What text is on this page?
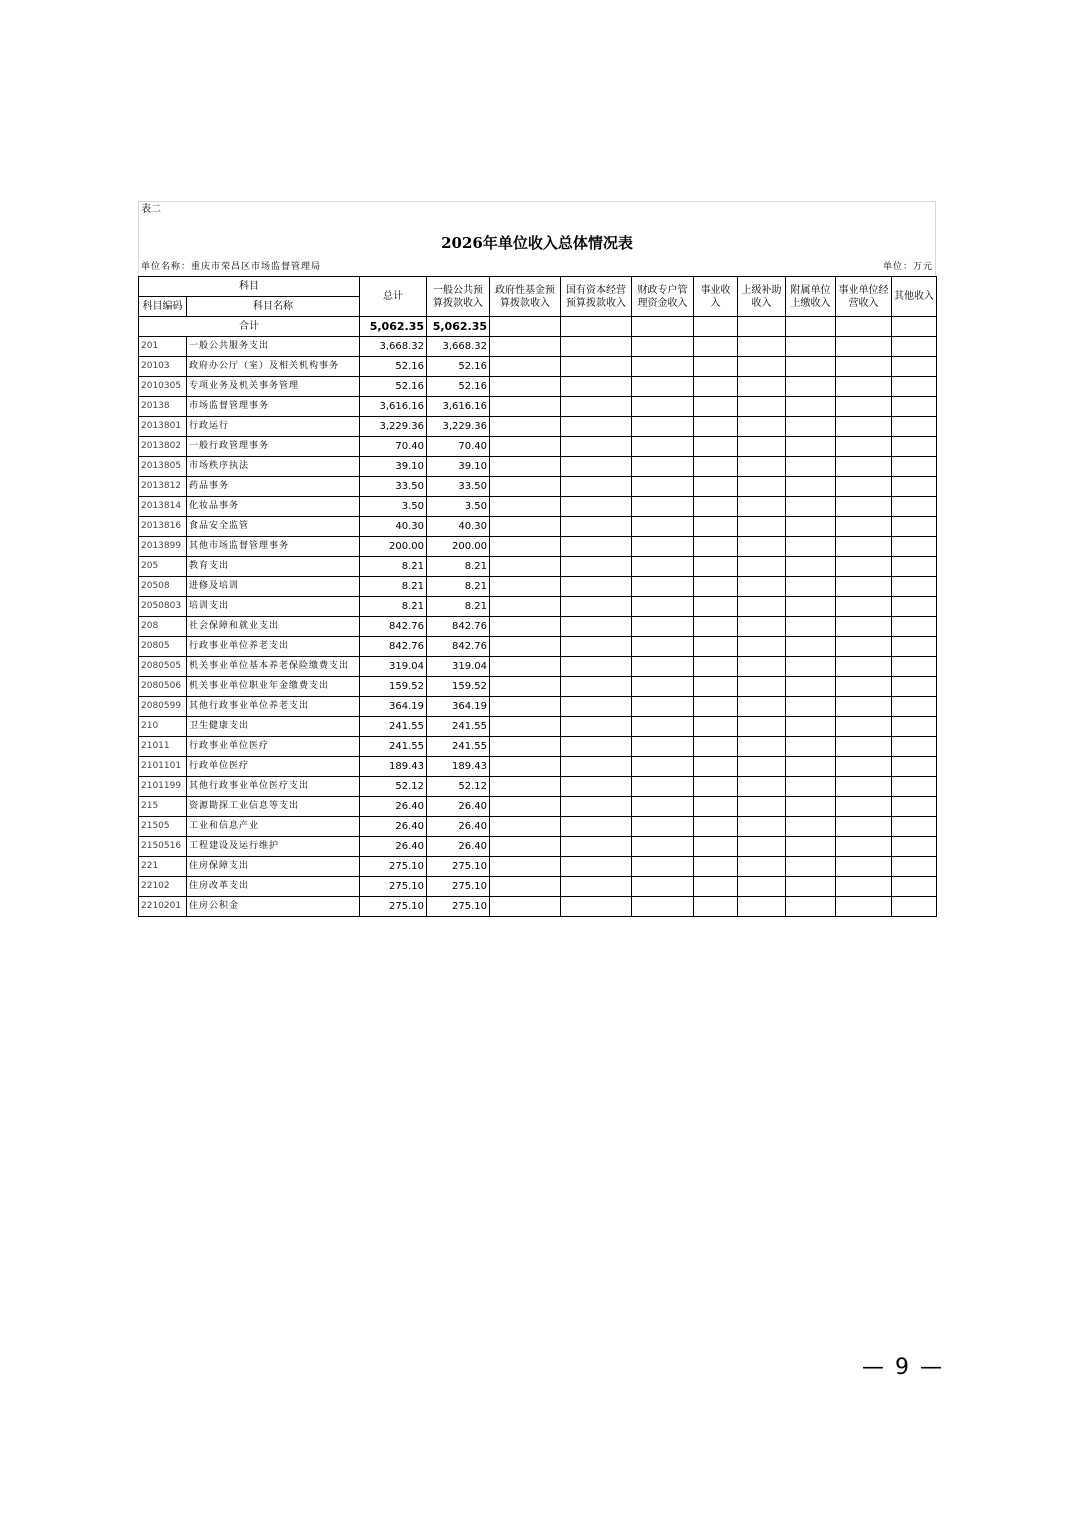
表二
2026年单位收入总体情况表
单位名称：重庆市荣昌区市场监督管理局	单位：万元
科目		总计	一般公共预算拨款收入	政府性基金预算拨款收入	国有资本经营预算拨款收入	财政专户管理资金收入	事业收入	上级补助收入	附属单位上缴收入	事业单位经营收入	其他收入
科目编码	科目名称										
合计		5,062.35	5,062.35								
201	一般公共服务支出	3,668.32	3,668.32								
20103	政府办公厅（室）及相关机构事务	52.16	52.16								
2010305	专项业务及机关事务管理	52.16	52.16								
20138	市场监督管理事务	3,616.16	3,616.16								
2013801	行政运行	3,229.36	3,229.36								
2013802	一般行政管理事务	70.40	70.40								
2013805	市场秩序执法	39.10	39.10								
2013812	药品事务	33.50	33.50								
2013814	化妆品事务	3.50	3.50								
2013816	食品安全监管	40.30	40.30								
2013899	其他市场监督管理事务	200.00	200.00								
205	教育支出	8.21	8.21								
20508	进修及培训	8.21	8.21								
2050803	培训支出	8.21	8.21								
208	社会保障和就业支出	842.76	842.76								
20805	行政事业单位养老支出	842.76	842.76								
2080505	机关事业单位基本养老保险缴费支出	319.04	319.04								
2080506	机关事业单位职业年金缴费支出	159.52	159.52								
2080599	其他行政事业单位养老支出	364.19	364.19								
210	卫生健康支出	241.55	241.55								
21011	行政事业单位医疗	241.55	241.55								
2101101	行政单位医疗	189.43	189.43								
2101199	其他行政事业单位医疗支出	52.12	52.12								
215	资源勘探工业信息等支出	26.40	26.40								
21505	工业和信息产业	26.40	26.40								
2150516	工程建设及运行维护	26.40	26.40								
221	住房保障支出	275.10	275.10								
22102	住房改革支出	275.10	275.10								
2210201	住房公积金	275.10	275.10								
— 9 —
